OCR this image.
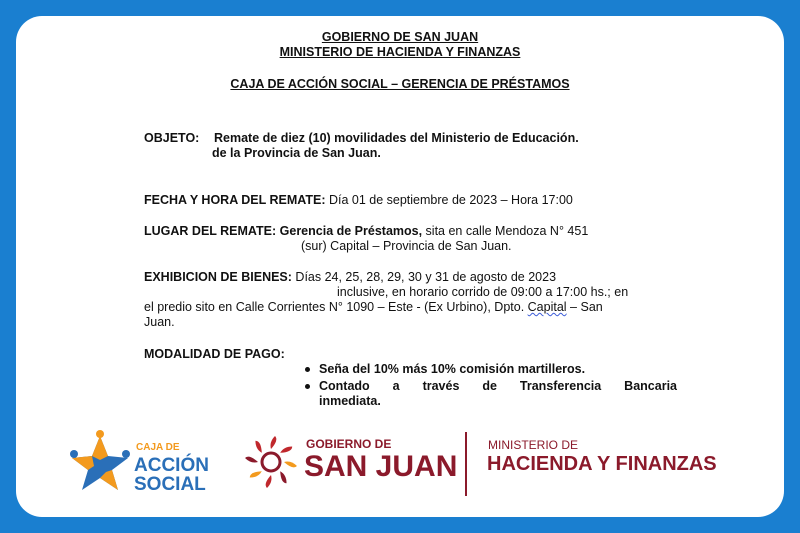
GOBIERNO DE SAN JUAN
MINISTERIO DE HACIENDA Y FINANZAS
CAJA DE ACCIÓN SOCIAL – GERENCIA DE PRÉSTAMOS
OBJETO: Remate de diez (10) movilidades del Ministerio de Educación.
de la Provincia de San Juan.
FECHA Y HORA DEL REMATE: Día 01 de septiembre de 2023 – Hora 17:00
LUGAR DEL REMATE: Gerencia de Préstamos, sita en calle Mendoza N° 451
(sur) Capital – Provincia de San Juan.
EXHIBICION DE BIENES: Días 24, 25, 28, 29, 30 y 31 de agosto de 2023
inclusive, en horario corrido de 09:00 a 17:00 hs.; en
el predio sito en Calle Corrientes N° 1090 – Este - (Ex Urbino), Dpto. Capital – San
Juan.
MODALIDAD DE PAGO:
Seña del 10% más 10% comisión martilleros.
Contado a través de Transferencia Bancaria
inmediata.
CAJA DE
ACCIÓN
SOCIAL
GOBIERNO DE
SAN JUAN
MINISTERIO DE
HACIENDA Y FINANZAS
